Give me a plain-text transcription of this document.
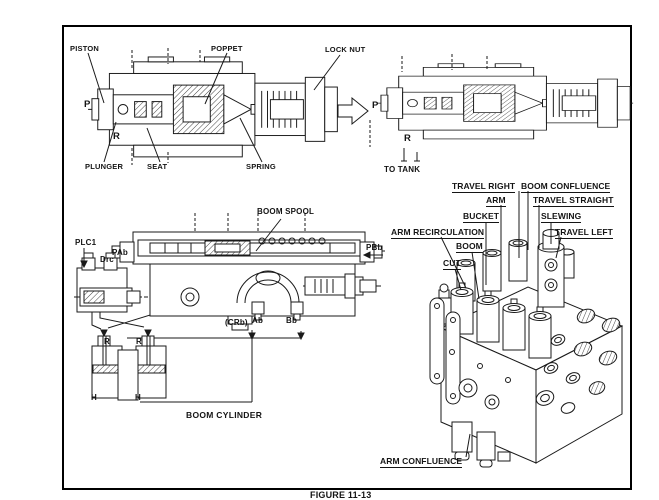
PISTON	POPPET	LOCK NUT
P
R
PLUNGER	SEAT	SPRING
P
R
TO TANK
BOOM SPOOL
PLC1
PAb
PBb
Drc
(CRb) Ab	Bb
R	R
H	H
BOOM CYLINDER
TRAVEL RIGHT BOOM CONFLUENCE
ARM	TRAVEL STRAIGHT
BUCKET	SLEWING
ARM RECIRCULATION	TRAVEL LEFT
BOOM
CUT
ARM CONFLUENCE
FIGURE 11-13
